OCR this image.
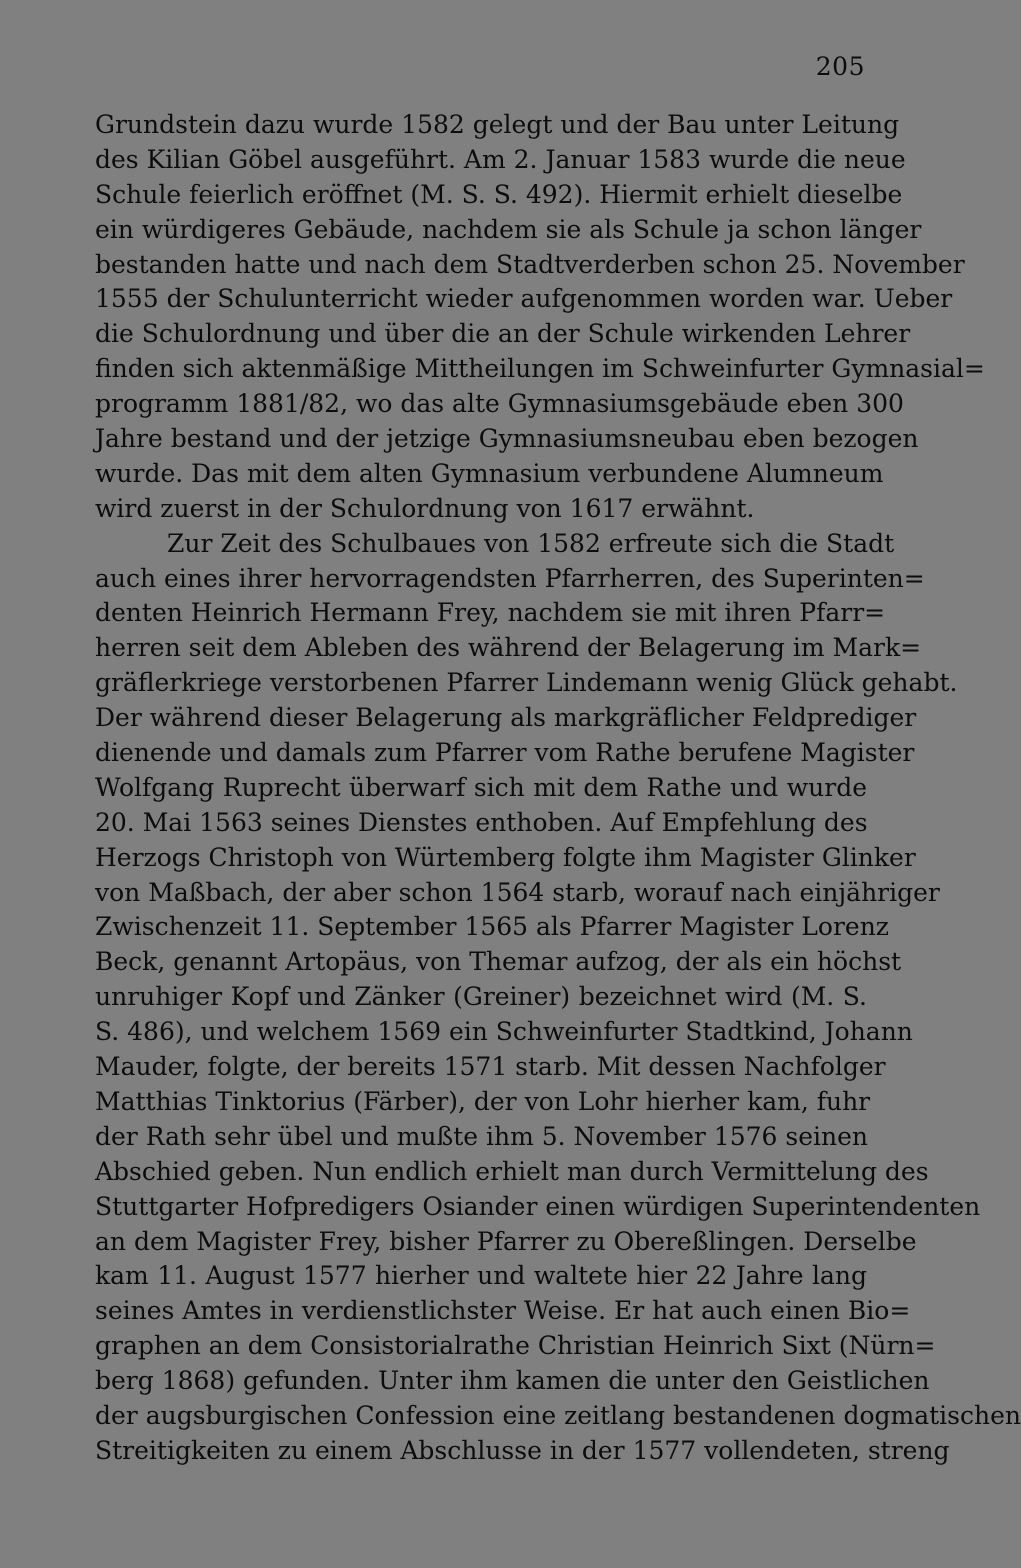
205
Grundstein dazu wurde 1582 gelegt und der Bau unter Leitung
des Kilian Göbel ausgeführt. Am 2. Januar 1583 wurde die neue
Schule feierlich eröffnet (M. S. S. 492). Hiermit erhielt dieselbe
ein würdigeres Gebäude, nachdem sie als Schule ja schon länger
bestanden hatte und nach dem Stadtverderben schon 25. November
1555 der Schulunterricht wieder aufgenommen worden war. Ueber
die Schulordnung und über die an der Schule wirkenden Lehrer
finden sich aktenmäßige Mittheilungen im Schweinfurter Gymnasial=
programm 1881/82, wo das alte Gymnasiumsgebäude eben 300
Jahre bestand und der jetzige Gymnasiumsneubau eben bezogen
wurde. Das mit dem alten Gymnasium verbundene Alumneum
wird zuerst in der Schulordnung von 1617 erwähnt.
Zur Zeit des Schulbaues von 1582 erfreute sich die Stadt
auch eines ihrer hervorragendsten Pfarrherren, des Superinten=
denten Heinrich Hermann Frey, nachdem sie mit ihren Pfarr=
herren seit dem Ableben des während der Belagerung im Mark=
gräflerkriege verstorbenen Pfarrer Lindemann wenig Glück gehabt.
Der während dieser Belagerung als markgräflicher Feldprediger
dienende und damals zum Pfarrer vom Rathe berufene Magister
Wolfgang Ruprecht überwarf sich mit dem Rathe und wurde
20. Mai 1563 seines Dienstes enthoben. Auf Empfehlung des
Herzogs Christoph von Würtemberg folgte ihm Magister Glinker
von Maßbach, der aber schon 1564 starb, worauf nach einjähriger
Zwischenzeit 11. September 1565 als Pfarrer Magister Lorenz
Beck, genannt Artopäus, von Themar aufzog, der als ein höchst
unruhiger Kopf und Zänker (Greiner) bezeichnet wird (M. S.
S. 486), und welchem 1569 ein Schweinfurter Stadtkind, Johann
Mauder, folgte, der bereits 1571 starb. Mit dessen Nachfolger
Matthias Tinktorius (Färber), der von Lohr hierher kam, fuhr
der Rath sehr übel und mußte ihm 5. November 1576 seinen
Abschied geben. Nun endlich erhielt man durch Vermittelung des
Stuttgarter Hofpredigers Osiander einen würdigen Superintendenten
an dem Magister Frey, bisher Pfarrer zu Obereßlingen. Derselbe
kam 11. August 1577 hierher und waltete hier 22 Jahre lang
seines Amtes in verdienstlichster Weise. Er hat auch einen Bio=
graphen an dem Consistorialrathe Christian Heinrich Sixt (Nürn=
berg 1868) gefunden. Unter ihm kamen die unter den Geistlichen
der augsburgischen Confession eine zeitlang bestandenen dogmatischen
Streitigkeiten zu einem Abschlusse in der 1577 vollendeten, streng
